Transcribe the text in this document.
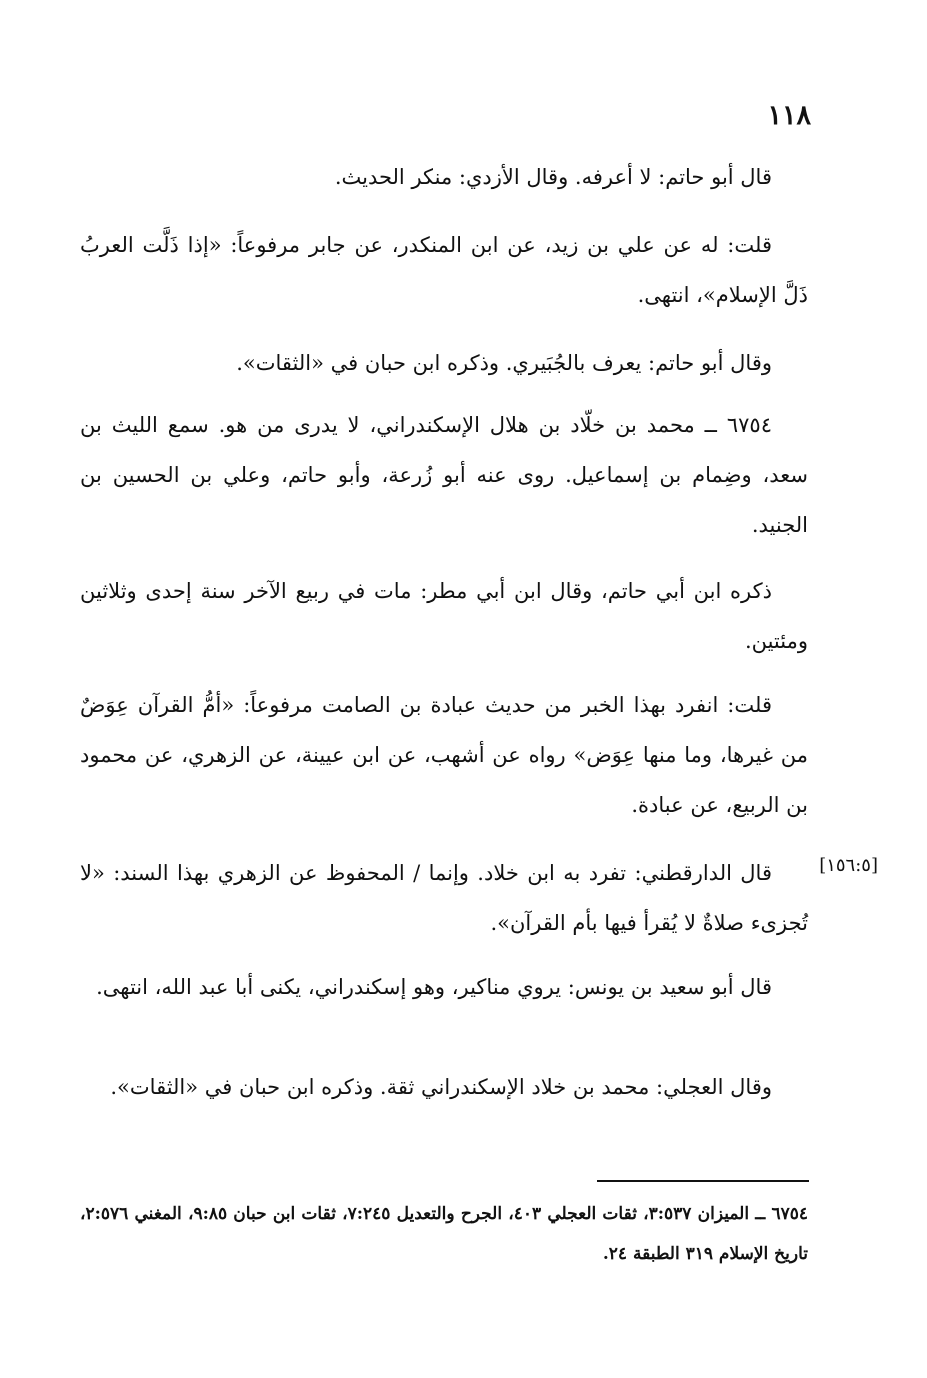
١١٨

قال أبو حاتم: لا أعرفه. وقال الأزدي: منكر الحديث.

قلت: له عن علي بن زيد، عن ابن المنكدر، عن جابر مرفوعاً: «إذا ذَلَّت العربُ ذَلَّ الإسلام»، انتهى.

وقال أبو حاتم: يعرف بالجُبَيري. وذكره ابن حبان في «الثقات».

٦٧٥٤ ــ محمد بن خلّاد بن هلال الإسكندراني، لا يدرى من هو. سمع الليث بن سعد، وضِمام بن إسماعيل. روى عنه أبو زُرعة، وأبو حاتم، وعلي بن الحسين بن الجنيد.

ذكره ابن أبي حاتم، وقال ابن أبي مطر: مات في ربيع الآخر سنة إحدى وثلاثين ومئتين.

قلت: انفرد بهذا الخبر من حديث عبادة بن الصامت مرفوعاً: «أمُّ القرآن عِوَضٌ من غيرها، وما منها عِوَض» رواه عن أشهب، عن ابن عيينة، عن الزهري، عن محمود بن الربيع، عن عبادة.

[١٥٦:٥]

قال الدارقطني: تفرد به ابن خلاد. وإنما / المحفوظ عن الزهري بهذا السند: «لا تُجزىء صلاةٌ لا يُقرأ فيها بأم القرآن».

قال أبو سعيد بن يونس: يروي مناكير، وهو إسكندراني، يكنى أبا عبد الله، انتهى.

وقال العجلي: محمد بن خلاد الإسكندراني ثقة. وذكره ابن حبان في «الثقات».

٦٧٥٤ ــ الميزان ٣:٥٣٧، ثقات العجلي ٤٠٣، الجرح والتعديل ٧:٢٤٥، ثقات ابن حبان ٩:٨٥، المغني ٢:٥٧٦، تاريخ الإسلام ٣١٩ الطبقة ٢٤.
